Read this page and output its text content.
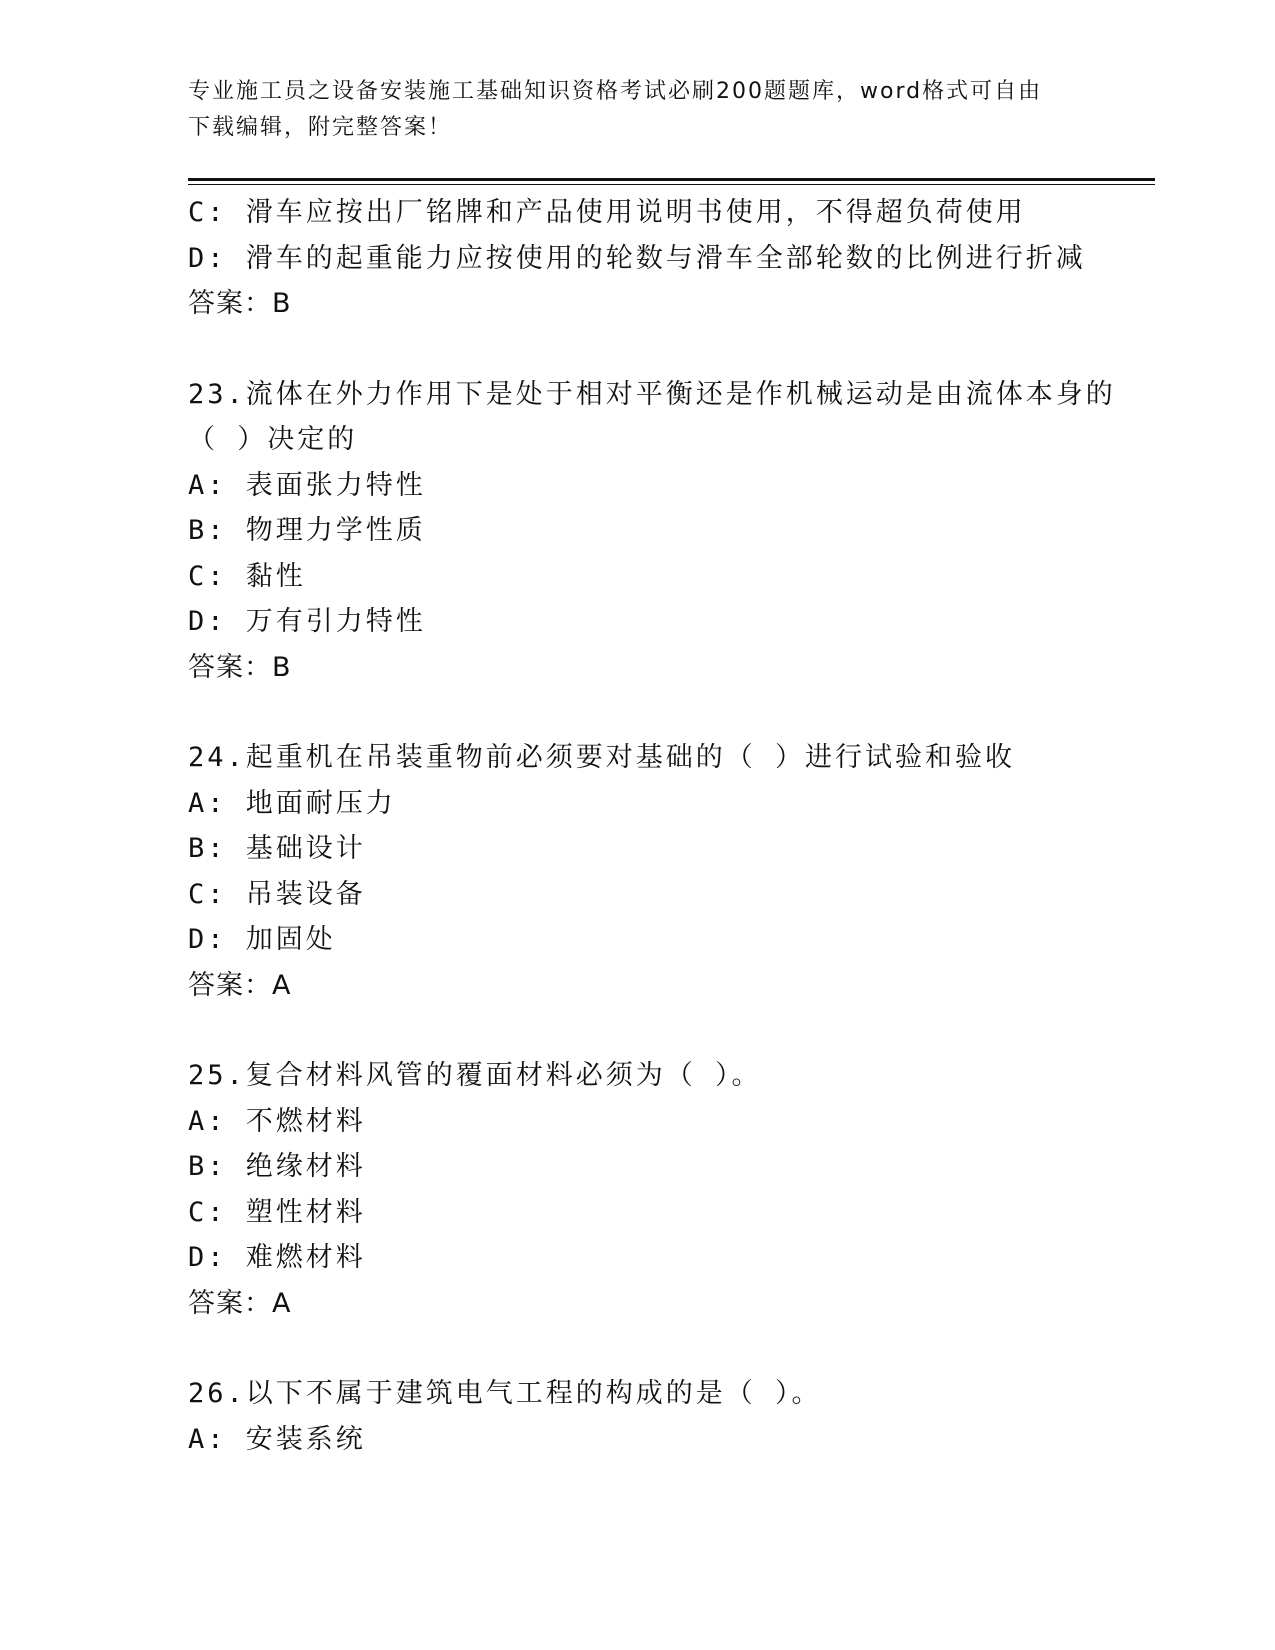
专业施工员之设备安装施工基础知识资格考试必刷200题题库，word格式可自由
下载编辑，附完整答案！
C: 滑车应按出厂铭牌和产品使用说明书使用，不得超负荷使用
D: 滑车的起重能力应按使用的轮数与滑车全部轮数的比例进行折减
答案：B
23.流体在外力作用下是处于相对平衡还是作机械运动是由流体本身的
（ ）决定的
A: 表面张力特性
B: 物理力学性质
C: 黏性
D: 万有引力特性
答案：B
24.起重机在吊装重物前必须要对基础的（ ）进行试验和验收
A: 地面耐压力
B: 基础设计
C: 吊装设备
D: 加固处
答案：A
25.复合材料风管的覆面材料必须为（ ）。
A: 不燃材料
B: 绝缘材料
C: 塑性材料
D: 难燃材料
答案：A
26.以下不属于建筑电气工程的构成的是（ ）。
A: 安装系统
